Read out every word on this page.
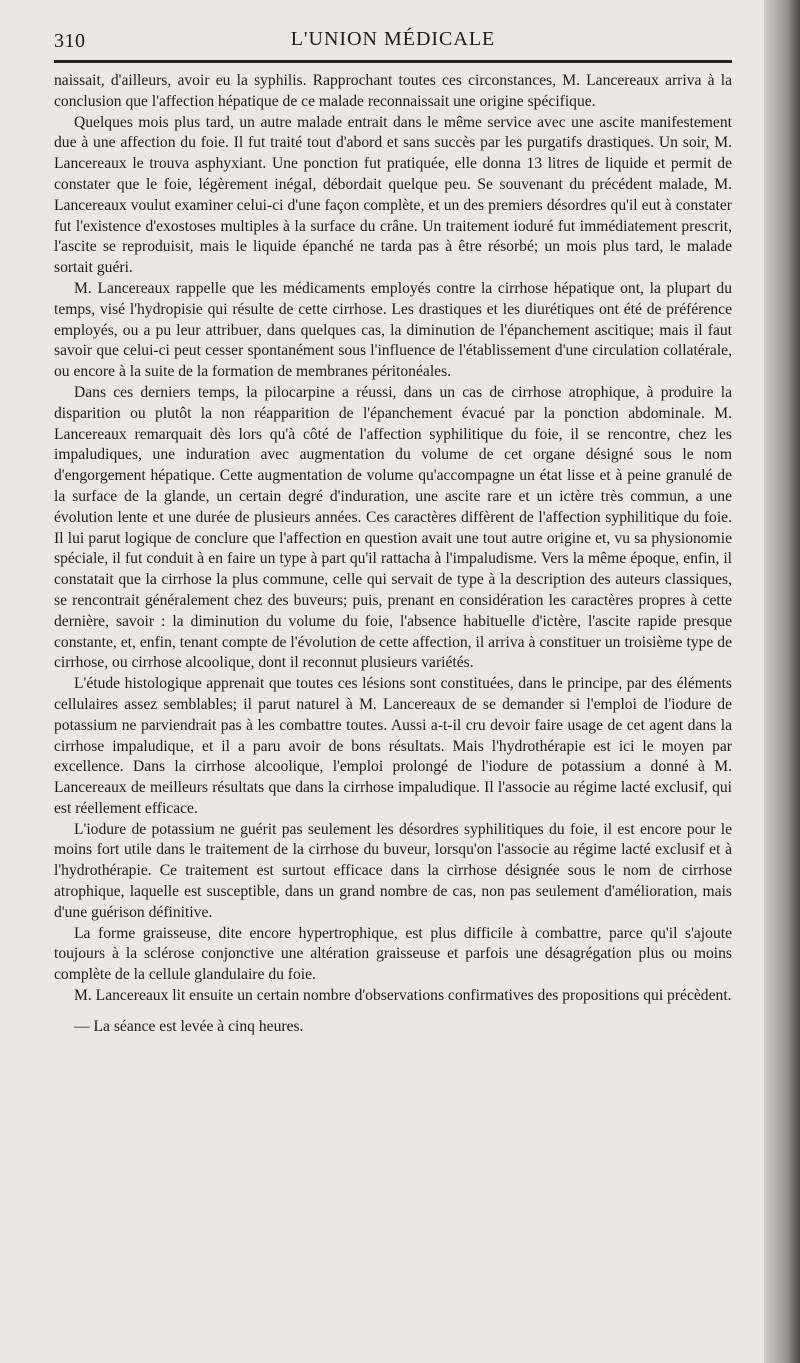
310	L'UNION MÉDICALE

naissait, d'ailleurs, avoir eu la syphilis. Rapprochant toutes ces circonstances, M. Lancereaux arriva à la conclusion que l'affection hépatique de ce malade reconnaissait une origine spécifique.

Quelques mois plus tard, un autre malade entrait dans le même service avec une ascite manifestement due à une affection du foie. Il fut traité tout d'abord et sans succès par les purgatifs drastiques. Un soir, M. Lancereaux le trouva asphyxiant. Une ponction fut pratiquée, elle donna 13 litres de liquide et permit de constater que le foie, légèrement inégal, débordait quelque peu. Se souvenant du précédent malade, M. Lancereaux voulut examiner celui-ci d'une façon complète, et un des premiers désordres qu'il eut à constater fut l'existence d'exostoses multiples à la surface du crâne. Un traitement ioduré fut immédiatement prescrit, l'ascite se reproduisit, mais le liquide épanché ne tarda pas à être résorbé; un mois plus tard, le malade sortait guéri.

M. Lancereaux rappelle que les médicaments employés contre la cirrhose hépatique ont, la plupart du temps, visé l'hydropisie qui résulte de cette cirrhose. Les drastiques et les diurétiques ont été de préférence employés, ou a pu leur attribuer, dans quelques cas, la diminution de l'épanchement ascitique; mais il faut savoir que celui-ci peut cesser spontanément sous l'influence de l'établissement d'une circulation collatérale, ou encore à la suite de la formation de membranes péritonéales.

Dans ces derniers temps, la pilocarpine a réussi, dans un cas de cirrhose atrophique, à produire la disparition ou plutôt la non réapparition de l'épanchement évacué par la ponction abdominale. M. Lancereaux remarquait dès lors qu'à côté de l'affection syphilitique du foie, il se rencontre, chez les impaludiques, une induration avec augmentation du volume de cet organe désigné sous le nom d'engorgement hépatique. Cette augmentation de volume qu'accompagne un état lisse et à peine granulé de la surface de la glande, un certain degré d'induration, une ascite rare et un ictère très commun, a une évolution lente et une durée de plusieurs années. Ces caractères diffèrent de l'affection syphilitique du foie. Il lui parut logique de conclure que l'affection en question avait une tout autre origine et, vu sa physionomie spéciale, il fut conduit à en faire un type à part qu'il rattacha à l'impaludisme. Vers la même époque, enfin, il constatait que la cirrhose la plus commune, celle qui servait de type à la description des auteurs classiques, se rencontrait généralement chez des buveurs; puis, prenant en considération les caractères propres à cette dernière, savoir : la diminution du volume du foie, l'absence habituelle d'ictère, l'ascite rapide presque constante, et, enfin, tenant compte de l'évolution de cette affection, il arriva à constituer un troisième type de cirrhose, ou cirrhose alcoolique, dont il reconnut plusieurs variétés.

L'étude histologique apprenait que toutes ces lésions sont constituées, dans le principe, par des éléments cellulaires assez semblables; il parut naturel à M. Lancereaux de se demander si l'emploi de l'iodure de potassium ne parviendrait pas à les combattre toutes. Aussi a-t-il cru devoir faire usage de cet agent dans la cirrhose impaludique, et il a paru avoir de bons résultats. Mais l'hydrothérapie est ici le moyen par excellence. Dans la cirrhose alcoolique, l'emploi prolongé de l'iodure de potassium a donné à M. Lancereaux de meilleurs résultats que dans la cirrhose impaludique. Il l'associe au régime lacté exclusif, qui est réellement efficace.

L'iodure de potassium ne guérit pas seulement les désordres syphilitiques du foie, il est encore pour le moins fort utile dans le traitement de la cirrhose du buveur, lorsqu'on l'associe au régime lacté exclusif et à l'hydrothérapie. Ce traitement est surtout efficace dans la cirrhose désignée sous le nom de cirrhose atrophique, laquelle est susceptible, dans un grand nombre de cas, non pas seulement d'amélioration, mais d'une guérison définitive.

La forme graisseuse, dite encore hypertrophique, est plus difficile à combattre, parce qu'il s'ajoute toujours à la sclérose conjonctive une altération graisseuse et parfois une désagrégation plus ou moins complète de la cellule glandulaire du foie.

M. Lancereaux lit ensuite un certain nombre d'observations confirmatives des propositions qui précèdent.

— La séance est levée à cinq heures.
